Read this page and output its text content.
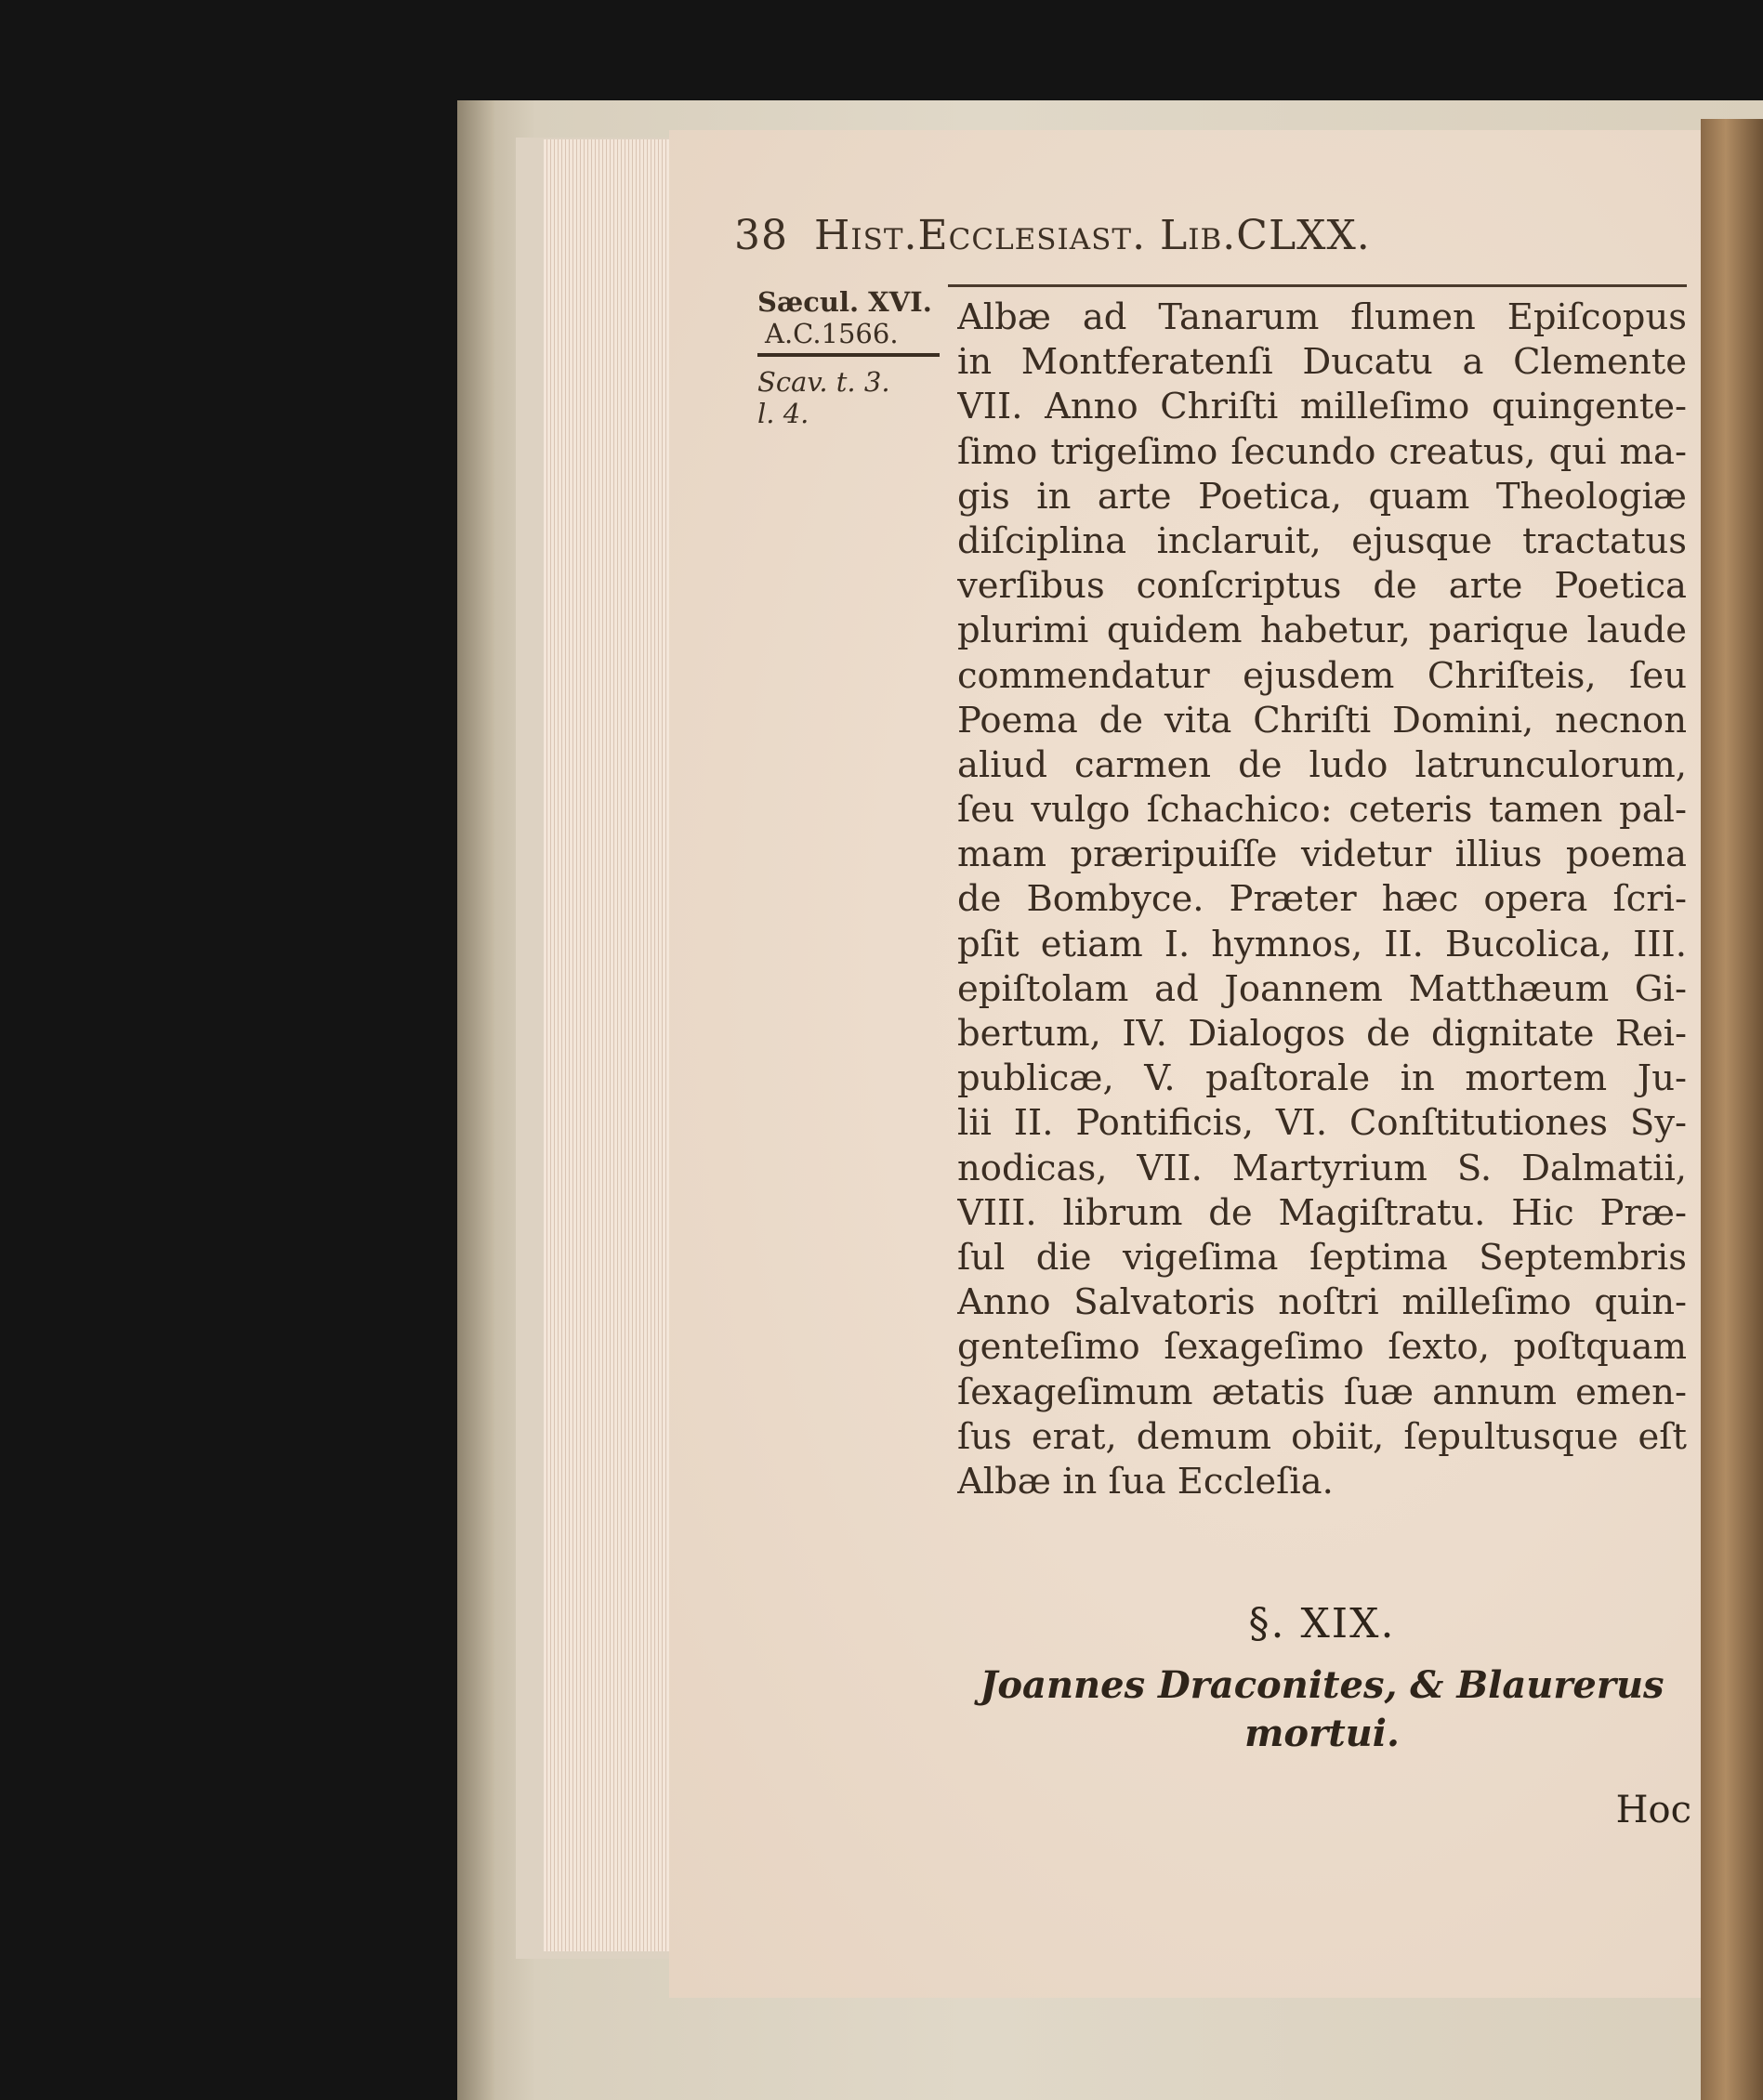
38 Hist.Ecclesiast. Lib.CLXX.
Sæcul. XVI.
A.C.1566.
Scav. t. 3.
l. 4.
Albæ ad Tanarum flumen Epiſcopus
in Montferatenſi Ducatu a Clemente
VII. Anno Chriſti milleſimo quingente-
ſimo trigeſimo ſecundo creatus, qui ma-
gis in arte Poetica, quam Theologiæ
diſciplina inclaruit, ejusque tractatus
verſibus conſcriptus de arte Poetica
plurimi quidem habetur, parique laude
commendatur ejusdem Chriſteis, ſeu
Poema de vita Chriſti Domini, necnon
aliud carmen de ludo latrunculorum,
ſeu vulgo ſchachico: ceteris tamen pal-
mam præripuiſſe videtur illius poema
de Bombyce. Præter hæc opera ſcri-
pſit etiam I. hymnos, II. Bucolica, III.
epiſtolam ad Joannem Matthæum Gi-
bertum, IV. Dialogos de dignitate Rei-
publicæ, V. paſtorale in mortem Ju-
lii II. Pontificis, VI. Conſtitutiones Sy-
nodicas, VII. Martyrium S. Dalmatii,
VIII. librum de Magiſtratu. Hic Præ-
ſul die vigeſima ſeptima Septembris
Anno Salvatoris noſtri milleſimo quin-
genteſimo ſexageſimo ſexto, poſtquam
ſexageſimum ætatis ſuæ annum emen-
ſus erat, demum obiit, ſepultusque eſt
Albæ in ſua Eccleſia.
§. XIX.
Joannes Draconites, & Blaurerus
mortui.
Hoc
